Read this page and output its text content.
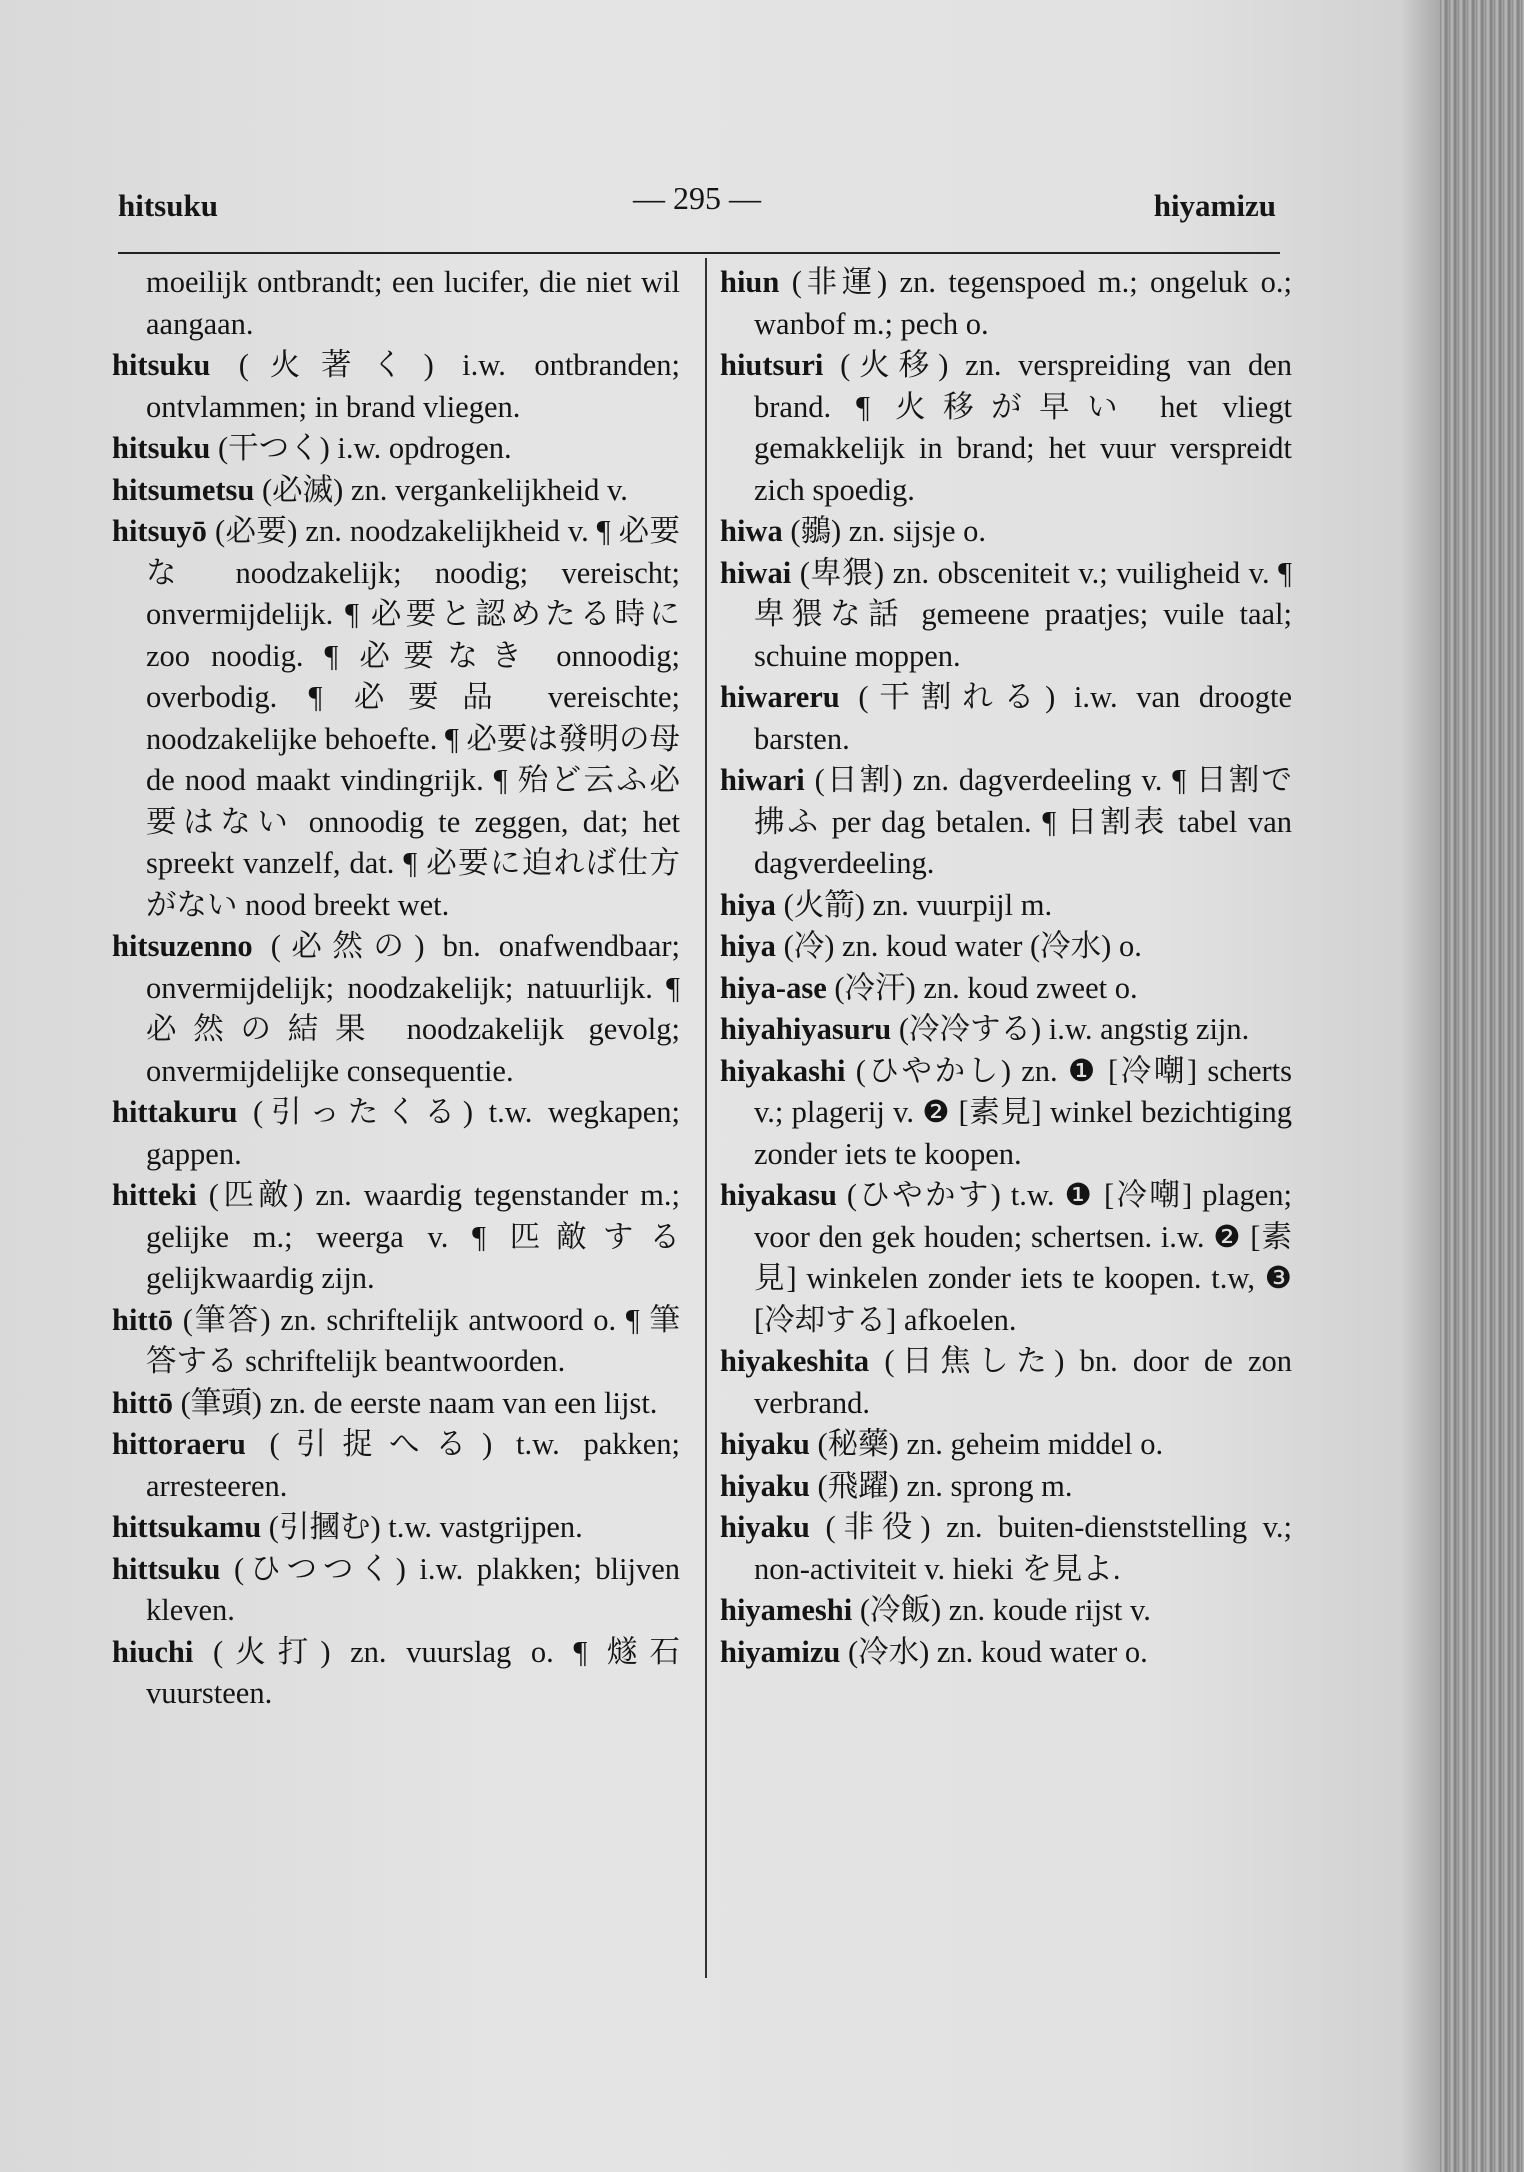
hitsuku	— 295 —	hiyamizu
moeilijk ontbrandt; een lucifer, die niet wil aangaan.
hitsuku (火著く) i.w. ontbranden; ontvlammen; in brand vliegen.
hitsuku (干つく) i.w. opdrogen.
hitsumetsu (必滅) zn. vergankelijkheid v.
hitsuyō (必要) zn. noodzakelijkheid v. ¶ 必要な noodzakelijk; noodig; vereischt; onvermijdelijk. ¶ 必要と認めたる時に zoo noodig. ¶ 必要なき onnoodig; overbodig. ¶ 必要品 vereischte; noodzakelijke behoefte. ¶ 必要は發明の母 de nood maakt vindingrijk. ¶ 殆ど云ふ必要はない onnoodig te zeggen, dat; het spreekt vanzelf, dat. ¶ 必要に迫れば仕方がない nood breekt wet.
hitsuzenno (必然の) bn. onafwendbaar; onvermijdelijk; noodzakelijk; natuurlijk. ¶ 必然の結果 noodzakelijk gevolg; onvermijdelijke consequentie.
hittakuru (引ったくる) t.w. wegkapen; gappen.
hitteki (匹敵) zn. waardig tegenstander m.; gelijke m.; weerga v. ¶ 匹敵する gelijkwaardig zijn.
hittō (筆答) zn. schriftelijk antwoord o. ¶ 筆答する schriftelijk beantwoorden.
hittō (筆頭) zn. de eerste naam van een lijst.
hittoraeru (引捉へる) t.w. pakken; arresteeren.
hittsukamu (引摑む) t.w. vastgrijpen.
hittsuku (ひつつく) i.w. plakken; blijven kleven.
hiuchi (火打) zn. vuurslag o. ¶ 燧石 vuursteen.
hiun (非運) zn. tegenspoed m.; ongeluk o.; wanbof m.; pech o.
hiutsuri (火移) zn. verspreiding van den brand. ¶ 火移が早い het vliegt gemakkelijk in brand; het vuur verspreidt zich spoedig.
hiwa (鶸) zn. sijsje o.
hiwai (卑猥) zn. obsceniteit v.; vuiligheid v. ¶ 卑猥な話 gemeene praatjes; vuile taal; schuine moppen.
hiwareru (干割れる) i.w. van droogte barsten.
hiwari (日割) zn. dagverdeeling v. ¶ 日割で拂ふ per dag betalen. ¶ 日割表 tabel van dagverdeeling.
hiya (火箭) zn. vuurpijl m.
hiya (冷) zn. koud water (冷水) o.
hiya-ase (冷汗) zn. koud zweet o.
hiyahiyasuru (冷冷する) i.w. angstig zijn.
hiyakashi (ひやかし) zn. ❶ [冷嘲] scherts v.; plagerij v. ❷ [素見] winkel bezichtiging zonder iets te koopen.
hiyakasu (ひやかす) t.w. ❶ [冷嘲] plagen; voor den gek houden; schertsen. i.w. ❷ [素見] winkelen zonder iets te koopen. t.w, ❸ [冷却する] afkoelen.
hiyakeshita (日焦した) bn. door de zon verbrand.
hiyaku (秘藥) zn. geheim middel o.
hiyaku (飛躍) zn. sprong m.
hiyaku (非役) zn. buiten-dienststelling v.; non-activiteit v. hieki を見よ.
hiyameshi (冷飯) zn. koude rijst v.
hiyamizu (冷水) zn. koud water o.
